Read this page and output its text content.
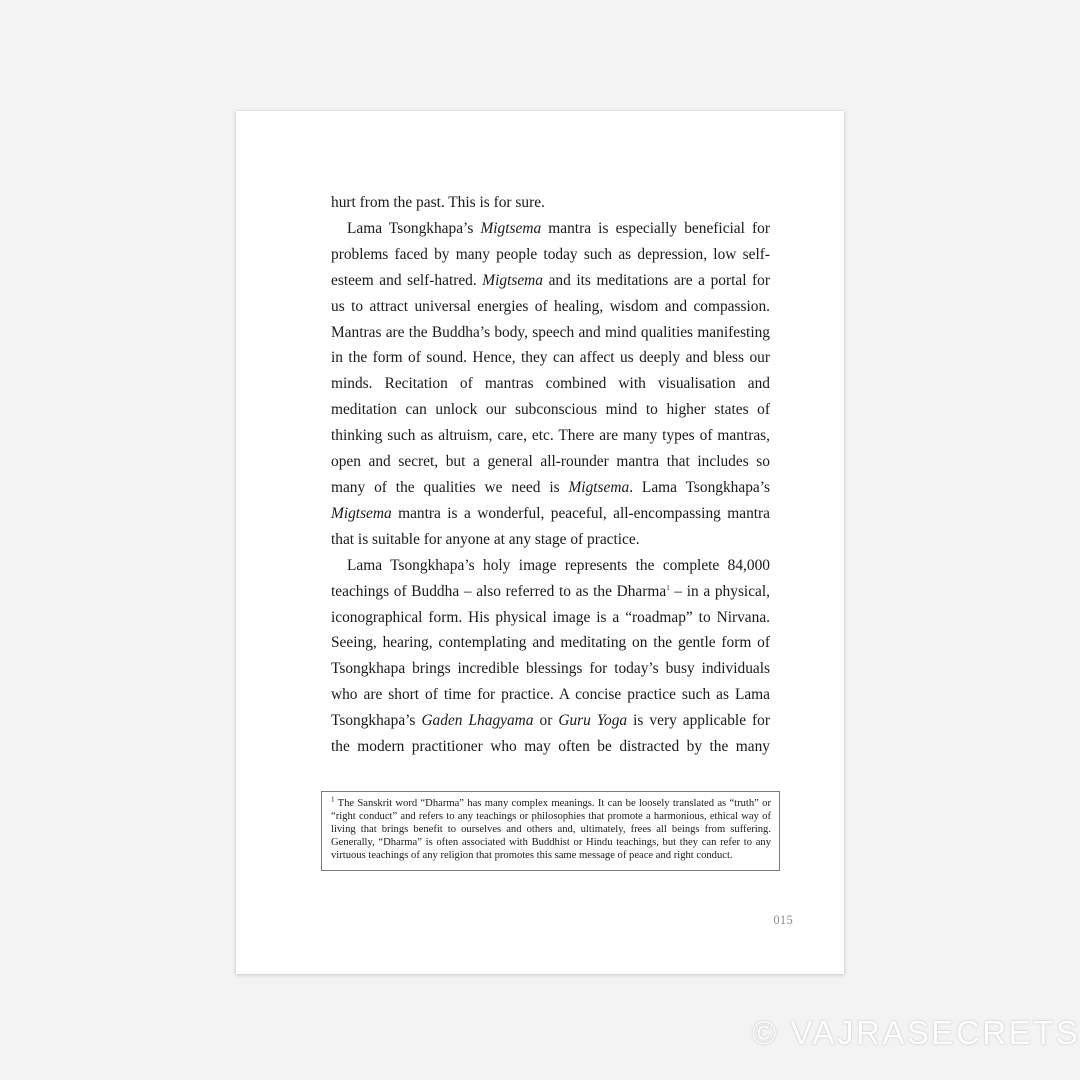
hurt from the past. This is for sure.

Lama Tsongkhapa’s Migtsema mantra is especially beneficial for problems faced by many people today such as depression, low self-esteem and self-hatred. Migtsema and its meditations are a portal for us to attract universal energies of healing, wisdom and compassion. Mantras are the Buddha’s body, speech and mind qualities manifesting in the form of sound. Hence, they can affect us deeply and bless our minds. Recitation of mantras combined with visualisation and meditation can unlock our subconscious mind to higher states of thinking such as altruism, care, etc. There are many types of mantras, open and secret, but a general all-rounder mantra that includes so many of the qualities we need is Migtsema. Lama Tsongkhapa’s Migtsema mantra is a wonderful, peaceful, all-encompassing mantra that is suitable for anyone at any stage of practice.

Lama Tsongkhapa’s holy image represents the complete 84,000 teachings of Buddha – also referred to as the Dharma$^1$ – in a physical, iconographical form. His physical image is a “roadmap” to Nirvana. Seeing, hearing, contemplating and meditating on the gentle form of Tsongkhapa brings incredible blessings for today’s busy individuals who are short of time for practice. A concise practice such as Lama Tsongkhapa’s Gaden Lhagyama or Guru Yoga is very applicable for the modern practitioner who may often be distracted by the many

$^1$ The Sanskrit word “Dharma” has many complex meanings. It can be loosely translated as “truth” or “right conduct” and refers to any teachings or philosophies that promote a harmonious, ethical way of living that brings benefit to ourselves and others and, ultimately, frees all beings from suffering. Generally, “Dharma” is often associated with Buddhist or Hindu teachings, but they can refer to any virtuous teachings of any religion that promotes this same message of peace and right conduct.
015
© VAJRASECRETS
